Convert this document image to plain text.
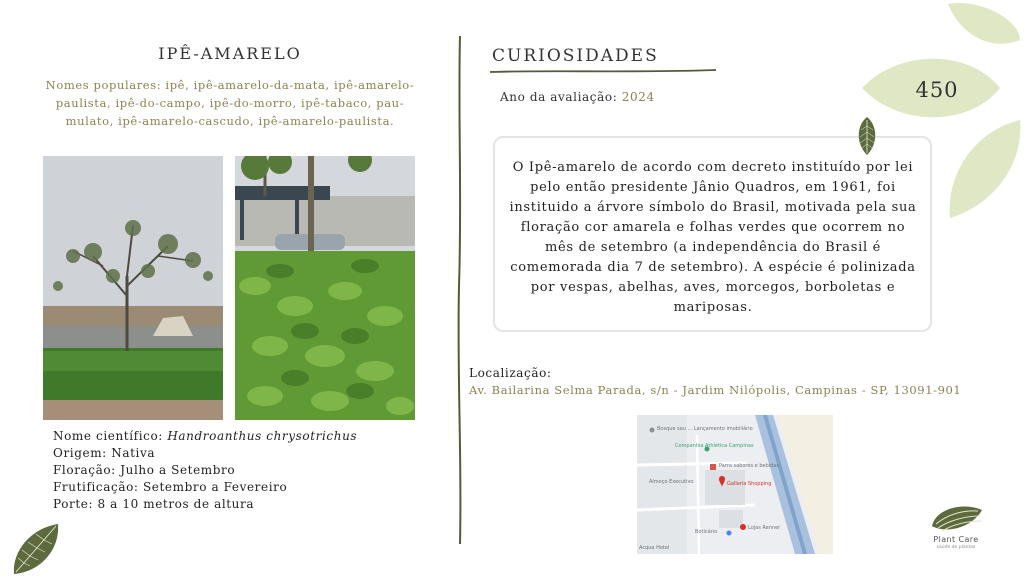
IPÊ-AMARELO
Nomes populares: ipê, ipê-amarelo-da-mata, ipê-amarelo-paulista, ipê-do-campo, ipê-do-morro, ipê-tabaco, pau-mulato, ipê-amarelo-cascudo, ipê-amarelo-paulista.
Nome científico: Handroanthus chrysotrichus
Origem: Nativa
Floração: Julho a Setembro
Frutificação: Setembro a Fevereiro
Porte: 8 a 10 metros de altura
CURIOSIDADES
Ano da avaliação: 2024
O Ipê-amarelo de acordo com decreto instituído por lei pelo então presidente Jânio Quadros, em 1961, foi instituido a árvore símbolo do Brasil, motivada pela sua floração cor amarela e folhas verdes que ocorrem no mês de setembro (a independência do Brasil é comemorada dia 7 de setembro). A espécie é polinizada por vespas, abelhas, aves, morcegos, borboletas e mariposas.
Localização:
Av. Bailarina Selma Parada, s/n - Jardim Nilópolis, Campinas - SP, 13091-901
Bosque seu ... Lançamento imobiliário
Companhia Athletica Campinas
Parra sabores e bebidas
Galleria Shopping
Almoço Executivo
Boticário
Lojas Renner
Acqua Hotel
450
Plant Care
saúde de plantas
